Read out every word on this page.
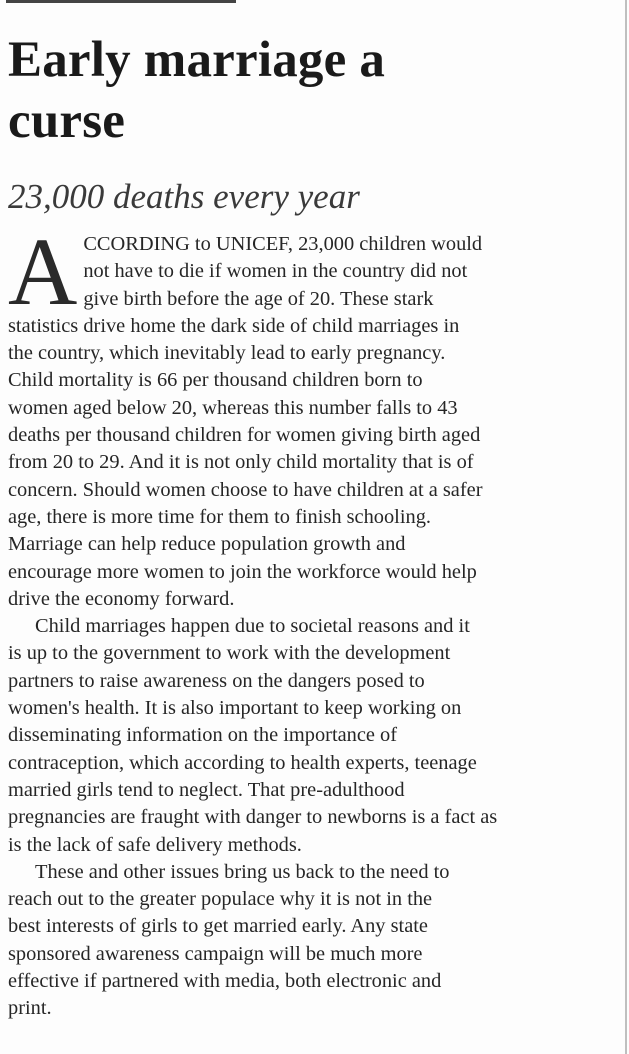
Early marriage a
curse
23,000 deaths every year

A CCORDING to UNICEF, 23,000 children would
not have to die if women in the country did not
give birth before the age of 20. These stark
statistics drive home the dark side of child marriages in
the country, which inevitably lead to early pregnancy.
Child mortality is 66 per thousand children born to
women aged below 20, whereas this number falls to 43
deaths per thousand children for women giving birth aged
from 20 to 29. And it is not only child mortality that is of
concern. Should women choose to have children at a safer
age, there is more time for them to finish schooling.
Marriage can help reduce population growth and
encourage more women to join the workforce would help
drive the economy forward.

Child marriages happen due to societal reasons and it
is up to the government to work with the development
partners to raise awareness on the dangers posed to
women's health. It is also important to keep working on
disseminating information on the importance of
contraception, which according to health experts, teenage
married girls tend to neglect. That pre-adulthood
pregnancies are fraught with danger to newborns is a fact as
is the lack of safe delivery methods.

These and other issues bring us back to the need to
reach out to the greater populace why it is not in the
best interests of girls to get married early. Any state
sponsored awareness campaign will be much more
effective if partnered with media, both electronic and
print.
